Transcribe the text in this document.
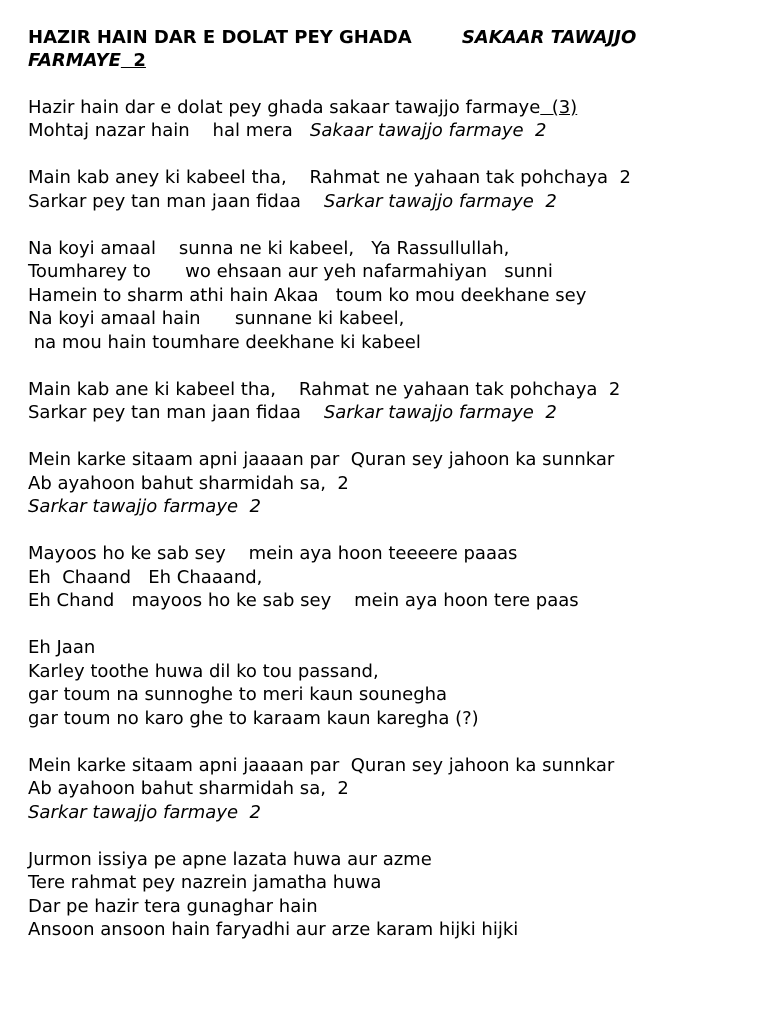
HAZIR HAIN DAR E DOLAT PEY GHADA        SAKAAR TAWAJJO
FARMAYE  2
Hazir hain dar e dolat pey ghada sakaar tawajjo farmaye  (3)
Mohtaj nazar hain    hal mera   Sakaar tawajjo farmaye  2
Main kab aney ki kabeel tha,    Rahmat ne yahaan tak pohchaya  2
Sarkar pey tan man jaan fidaa    Sarkar tawajjo farmaye  2
Na koyi amaal    sunna ne ki kabeel,   Ya Rassullullah,
Toumharey to      wo ehsaan aur yeh nafarmahiyan   sunni
Hamein to sharm athi hain Akaa   toum ko mou deekhane sey
Na koyi amaal hain      sunnane ki kabeel,
na mou hain toumhare deekhane ki kabeel
Main kab ane ki kabeel tha,    Rahmat ne yahaan tak pohchaya  2
Sarkar pey tan man jaan fidaa    Sarkar tawajjo farmaye  2
Mein karke sitaam apni jaaaan par  Quran sey jahoon ka sunnkar
Ab ayahoon bahut sharmidah sa,  2
Sarkar tawajjo farmaye  2
Mayoos ho ke sab sey    mein aya hoon teeeere paaas
Eh  Chaand   Eh Chaaand,
Eh Chand   mayoos ho ke sab sey    mein aya hoon tere paas
Eh Jaan
Karley toothe huwa dil ko tou passand,
gar toum na sunnoghe to meri kaun sounegha
gar toum no karo ghe to karaam kaun karegha (?)
Mein karke sitaam apni jaaaan par  Quran sey jahoon ka sunnkar
Ab ayahoon bahut sharmidah sa,  2
Sarkar tawajjo farmaye  2
Jurmon issiya pe apne lazata huwa aur azme
Tere rahmat pey nazrein jamatha huwa
Dar pe hazir tera gunaghar hain
Ansoon ansoon hain faryadhi aur arze karam hijki hijki
